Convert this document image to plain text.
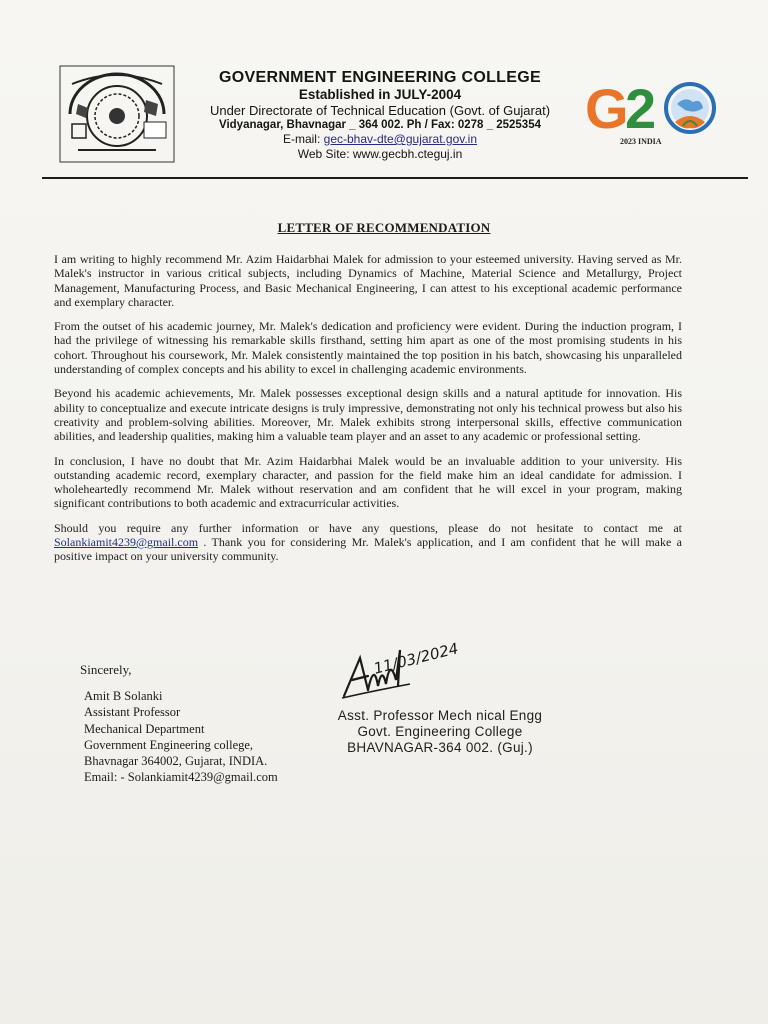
GOVERNMENT ENGINEERING COLLEGE
Established in JULY-2004
Under Directorate of Technical Education (Govt. of Gujarat)
Vidyanagar, Bhavnagar _ 364 002. Ph / Fax: 0278 _ 2525354
E-mail: gec-bhav-dte@gujarat.gov.in
Web Site: www.gecbh.cteguj.in
G
2
2023 INDIA
LETTER OF RECOMMENDATION

I am writing to highly recommend Mr. Azim Haidarbhai Malek for admission to your esteemed university. Having served as Mr. Malek's instructor in various critical subjects, including Dynamics of Machine, Material Science and Metallurgy, Project Management, Manufacturing Process, and Basic Mechanical Engineering, I can attest to his exceptional academic performance and exemplary character.

From the outset of his academic journey, Mr. Malek's dedication and proficiency were evident. During the induction program, I had the privilege of witnessing his remarkable skills firsthand, setting him apart as one of the most promising students in his cohort. Throughout his coursework, Mr. Malek consistently maintained the top position in his batch, showcasing his unparalleled understanding of complex concepts and his ability to excel in challenging academic environments.

Beyond his academic achievements, Mr. Malek possesses exceptional design skills and a natural aptitude for innovation. His ability to conceptualize and execute intricate designs is truly impressive, demonstrating not only his technical prowess but also his creativity and problem-solving abilities. Moreover, Mr. Malek exhibits strong interpersonal skills, effective communication abilities, and leadership qualities, making him a valuable team player and an asset to any academic or professional setting.

In conclusion, I have no doubt that Mr. Azim Haidarbhai Malek would be an invaluable addition to your university. His outstanding academic record, exemplary character, and passion for the field make him an ideal candidate for admission. I wholeheartedly recommend Mr. Malek without reservation and am confident that he will excel in your program, making significant contributions to both academic and extracurricular activities.

Should you require any further information or have any questions, please do not hesitate to contact me at Solankiamit4239@gmail.com . Thank you for considering Mr. Malek's application, and I am confident that he will make a positive impact on your university community.

Sincerely,
Amit B Solanki
Assistant Professor
Mechanical Department
Government Engineering college,
Bhavnagar 364002, Gujarat, INDIA.
Email: - Solankiamit4239@gmail.com
11/03/2024
Asst. Professor Mech nical Engg
Govt. Engineering College
BHAVNAGAR-364 002. (Guj.)
